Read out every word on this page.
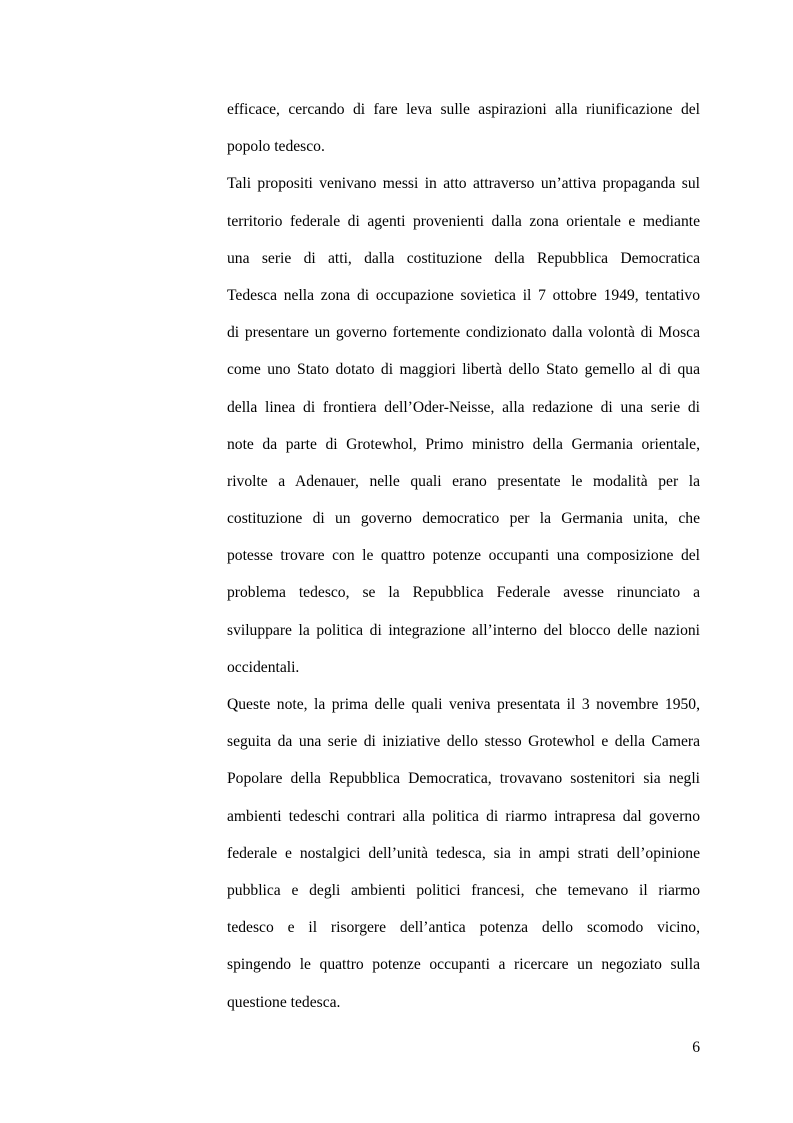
efficace, cercando di fare leva sulle aspirazioni alla riunificazione del
popolo tedesco.
Tali propositi venivano messi in atto attraverso un’attiva propaganda sul
territorio federale di agenti provenienti dalla zona orientale e mediante
una serie di atti, dalla costituzione della Repubblica Democratica
Tedesca nella zona di occupazione sovietica il 7 ottobre 1949, tentativo
di presentare un governo fortemente condizionato dalla volontà di Mosca
come uno Stato dotato di maggiori libertà dello Stato gemello al di qua
della linea di frontiera dell’Oder-Neisse, alla redazione di una serie di
note da parte di Grotewhol, Primo ministro della Germania orientale,
rivolte a Adenauer, nelle quali erano presentate le modalità per la
costituzione di un governo democratico per la Germania unita, che
potesse trovare con le quattro potenze occupanti una composizione del
problema tedesco, se la Repubblica Federale avesse rinunciato a
sviluppare la politica di integrazione all’interno del blocco delle nazioni
occidentali.
Queste note, la prima delle quali veniva presentata il 3 novembre 1950,
seguita da una serie di iniziative dello stesso Grotewhol e della Camera
Popolare della Repubblica Democratica, trovavano sostenitori sia negli
ambienti tedeschi contrari alla politica di riarmo intrapresa dal governo
federale e nostalgici dell’unità tedesca, sia in ampi strati dell’opinione
pubblica e degli ambienti politici francesi, che temevano il riarmo
tedesco e il risorgere dell’antica potenza dello scomodo vicino,
spingendo le quattro potenze occupanti a ricercare un negoziato sulla
questione tedesca.
6
